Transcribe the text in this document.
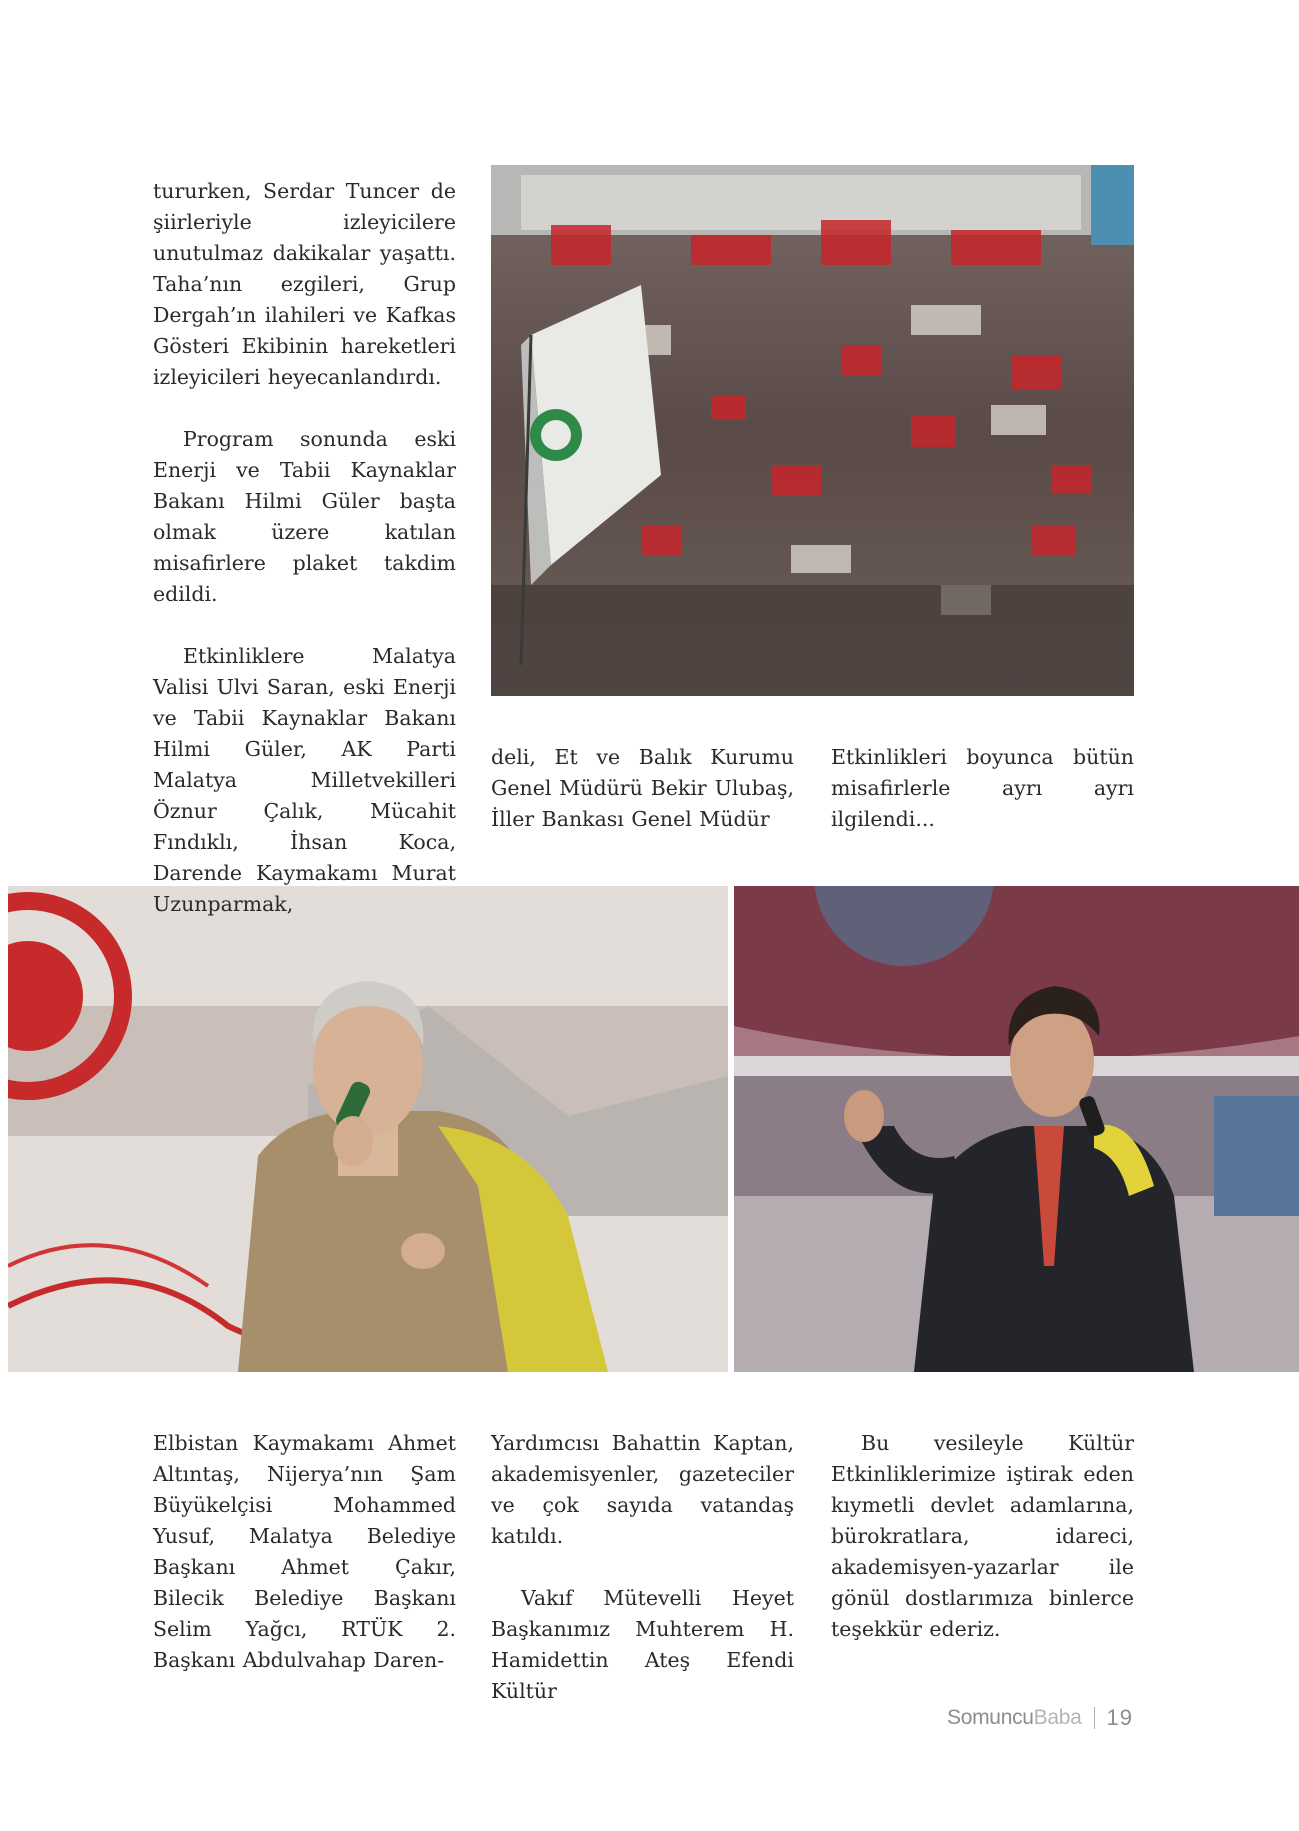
tururken, Serdar Tuncer de şiirleriyle izleyicilere unutulmaz dakikalar yaşattı. Taha’nın ezgileri, Grup Dergah’ın ilahileri ve Kafkas Gösteri Ekibinin hareketleri izleyicileri heyecanlandırdı.

Program sonunda eski Enerji ve Tabii Kaynaklar Bakanı Hilmi Güler başta olmak üzere katılan misafirlere plaket takdim edildi.

Etkinliklere Malatya Valisi Ulvi Saran, eski Enerji ve Tabii Kaynaklar Bakanı Hilmi Güler, AK Parti Malatya Milletvekilleri Öznur Çalık, Mücahit Fındıklı, İhsan Koca, Darende Kaymakamı Murat Uzunparmak,

deli, Et ve Balık Kurumu Genel Müdürü Bekir Ulubaş, İller Bankası Genel Müdür

Etkinlikleri boyunca bütün misafirlerle ayrı ayrı ilgilendi...

Elbistan Kaymakamı Ahmet Altıntaş, Nijerya’nın Şam Büyükelçisi Mohammed Yusuf, Malatya Belediye Başkanı Ahmet Çakır, Bilecik Belediye Başkanı Selim Yağcı, RTÜK 2. Başkanı Abdulvahap Daren-

Yardımcısı Bahattin Kaptan, akademisyenler, gazeteciler ve çok sayıda vatandaş katıldı.

Vakıf Mütevelli Heyet Başkanımız Muhterem H. Hamidettin Ateş Efendi Kültür

Bu vesileyle Kültür Etkinliklerimize iştirak eden kıymetli devlet adamlarına, bürokratlara, idareci, akademisyen-yazarlar ile gönül dostlarımıza binlerce teşekkür ederiz.

Somuncu Baba 19
